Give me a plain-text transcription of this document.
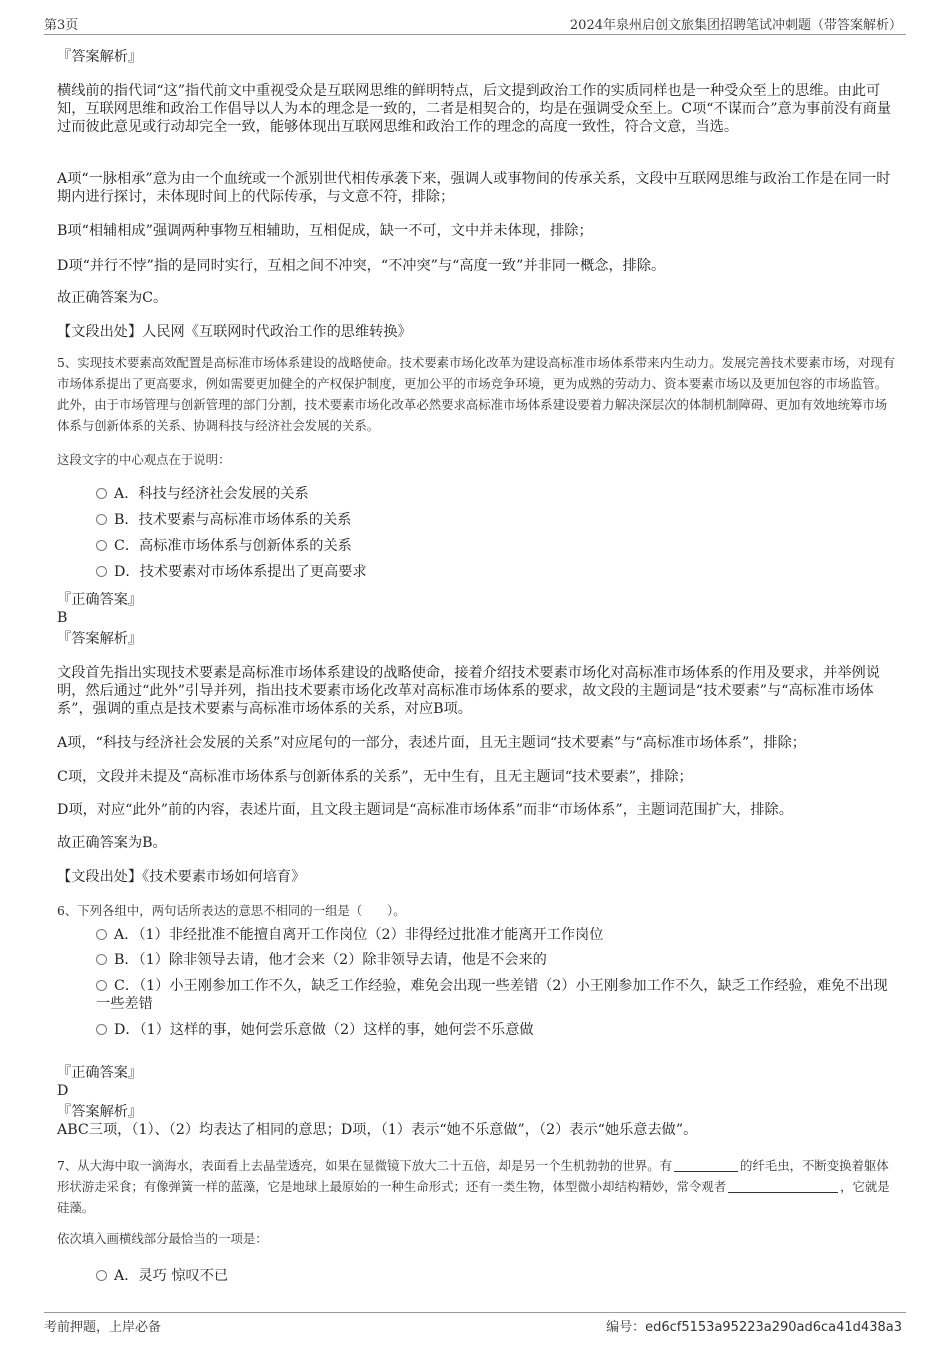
第3页	2024年泉州启创文旅集团招聘笔试冲刺题（带答案解析）
『答案解析』
横线前的指代词“这”指代前文中重视受众是互联网思维的鲜明特点，后文提到政治工作的实质同样也是一种受众至上的思维。由此可知，互联网思维和政治工作倡导以人为本的理念是一致的，二者是相契合的，均是在强调受众至上。C项“不谋而合”意为事前没有商量过而彼此意见或行动却完全一致，能够体现出互联网思维和政治工作的理念的高度一致性，符合文意，当选。
A项“一脉相承”意为由一个血统或一个派别世代相传承袭下来，强调人或事物间的传承关系，文段中互联网思维与政治工作是在同一时期内进行探讨，未体现时间上的代际传承，与文意不符，排除；
B项“相辅相成”强调两种事物互相辅助，互相促成，缺一不可，文中并未体现，排除；
D项“并行不悖”指的是同时实行，互相之间不冲突，“不冲突”与“高度一致”并非同一概念，排除。
故正确答案为C。
【文段出处】人民网《互联网时代政治工作的思维转换》
5、实现技术要素高效配置是高标准市场体系建设的战略使命。技术要素市场化改革为建设高标准市场体系带来内生动力。发展完善技术要素市场，对现有市场体系提出了更高要求，例如需要更加健全的产权保护制度，更加公平的市场竞争环境，更为成熟的劳动力、资本要素市场以及更加包容的市场监管。此外，由于市场管理与创新管理的部门分割，技术要素市场化改革必然要求高标准市场体系建设要着力解决深层次的体制机制障碍、更加有效地统筹市场体系与创新体系的关系、协调科技与经济社会发展的关系。
这段文字的中心观点在于说明：
A．科技与经济社会发展的关系
B．技术要素与高标准市场体系的关系
C．高标准市场体系与创新体系的关系
D．技术要素对市场体系提出了更高要求
『正确答案』
B
『答案解析』
文段首先指出实现技术要素是高标准市场体系建设的战略使命，接着介绍技术要素市场化对高标准市场体系的作用及要求，并举例说明，然后通过“此外”引导并列，指出技术要素市场化改革对高标准市场体系的要求，故文段的主题词是“技术要素”与“高标准市场体系”，强调的重点是技术要素与高标准市场体系的关系，对应B项。
A项，“科技与经济社会发展的关系”对应尾句的一部分，表述片面，且无主题词“技术要素”与“高标准市场体系”，排除；
C项，文段并未提及“高标准市场体系与创新体系的关系”，无中生有，且无主题词“技术要素”，排除；
D项，对应“此外”前的内容，表述片面，且文段主题词是“高标准市场体系”而非“市场体系”，主题词范围扩大，排除。
故正确答案为B。
【文段出处】《技术要素市场如何培育》
6、下列各组中，两句话所表达的意思不相同的一组是（　　）。
A．（1）非经批准不能擅自离开工作岗位（2）非得经过批准才能离开工作岗位
B．（1）除非领导去请，他才会来（2）除非领导去请，他是不会来的
C．（1）小王刚参加工作不久，缺乏工作经验，难免会出现一些差错（2）小王刚参加工作不久，缺乏工作经验，难免不出现一些差错
D．（1）这样的事，她何尝乐意做（2）这样的事，她何尝不乐意做
『正确答案』
D
『答案解析』
ABC三项，（1）、（2）均表达了相同的意思；D项，（1）表示“她不乐意做”，（2）表示“她乐意去做”。
7、从大海中取一滴海水，表面看上去晶莹透亮，如果在显微镜下放大二十五倍，却是另一个生机勃勃的世界。有	的纤毛虫，不断变换着躯体形状游走采食；有像弹簧一样的蓝藻，它是地球上最原始的一种生命形式；还有一类生物，体型微小却结构精妙，常令观者	，它就是硅藻。
依次填入画横线部分最恰当的一项是：
A．灵巧 惊叹不已
考前押题，上岸必备	编号：ed6cf5153a95223a290ad6ca41d438a3
